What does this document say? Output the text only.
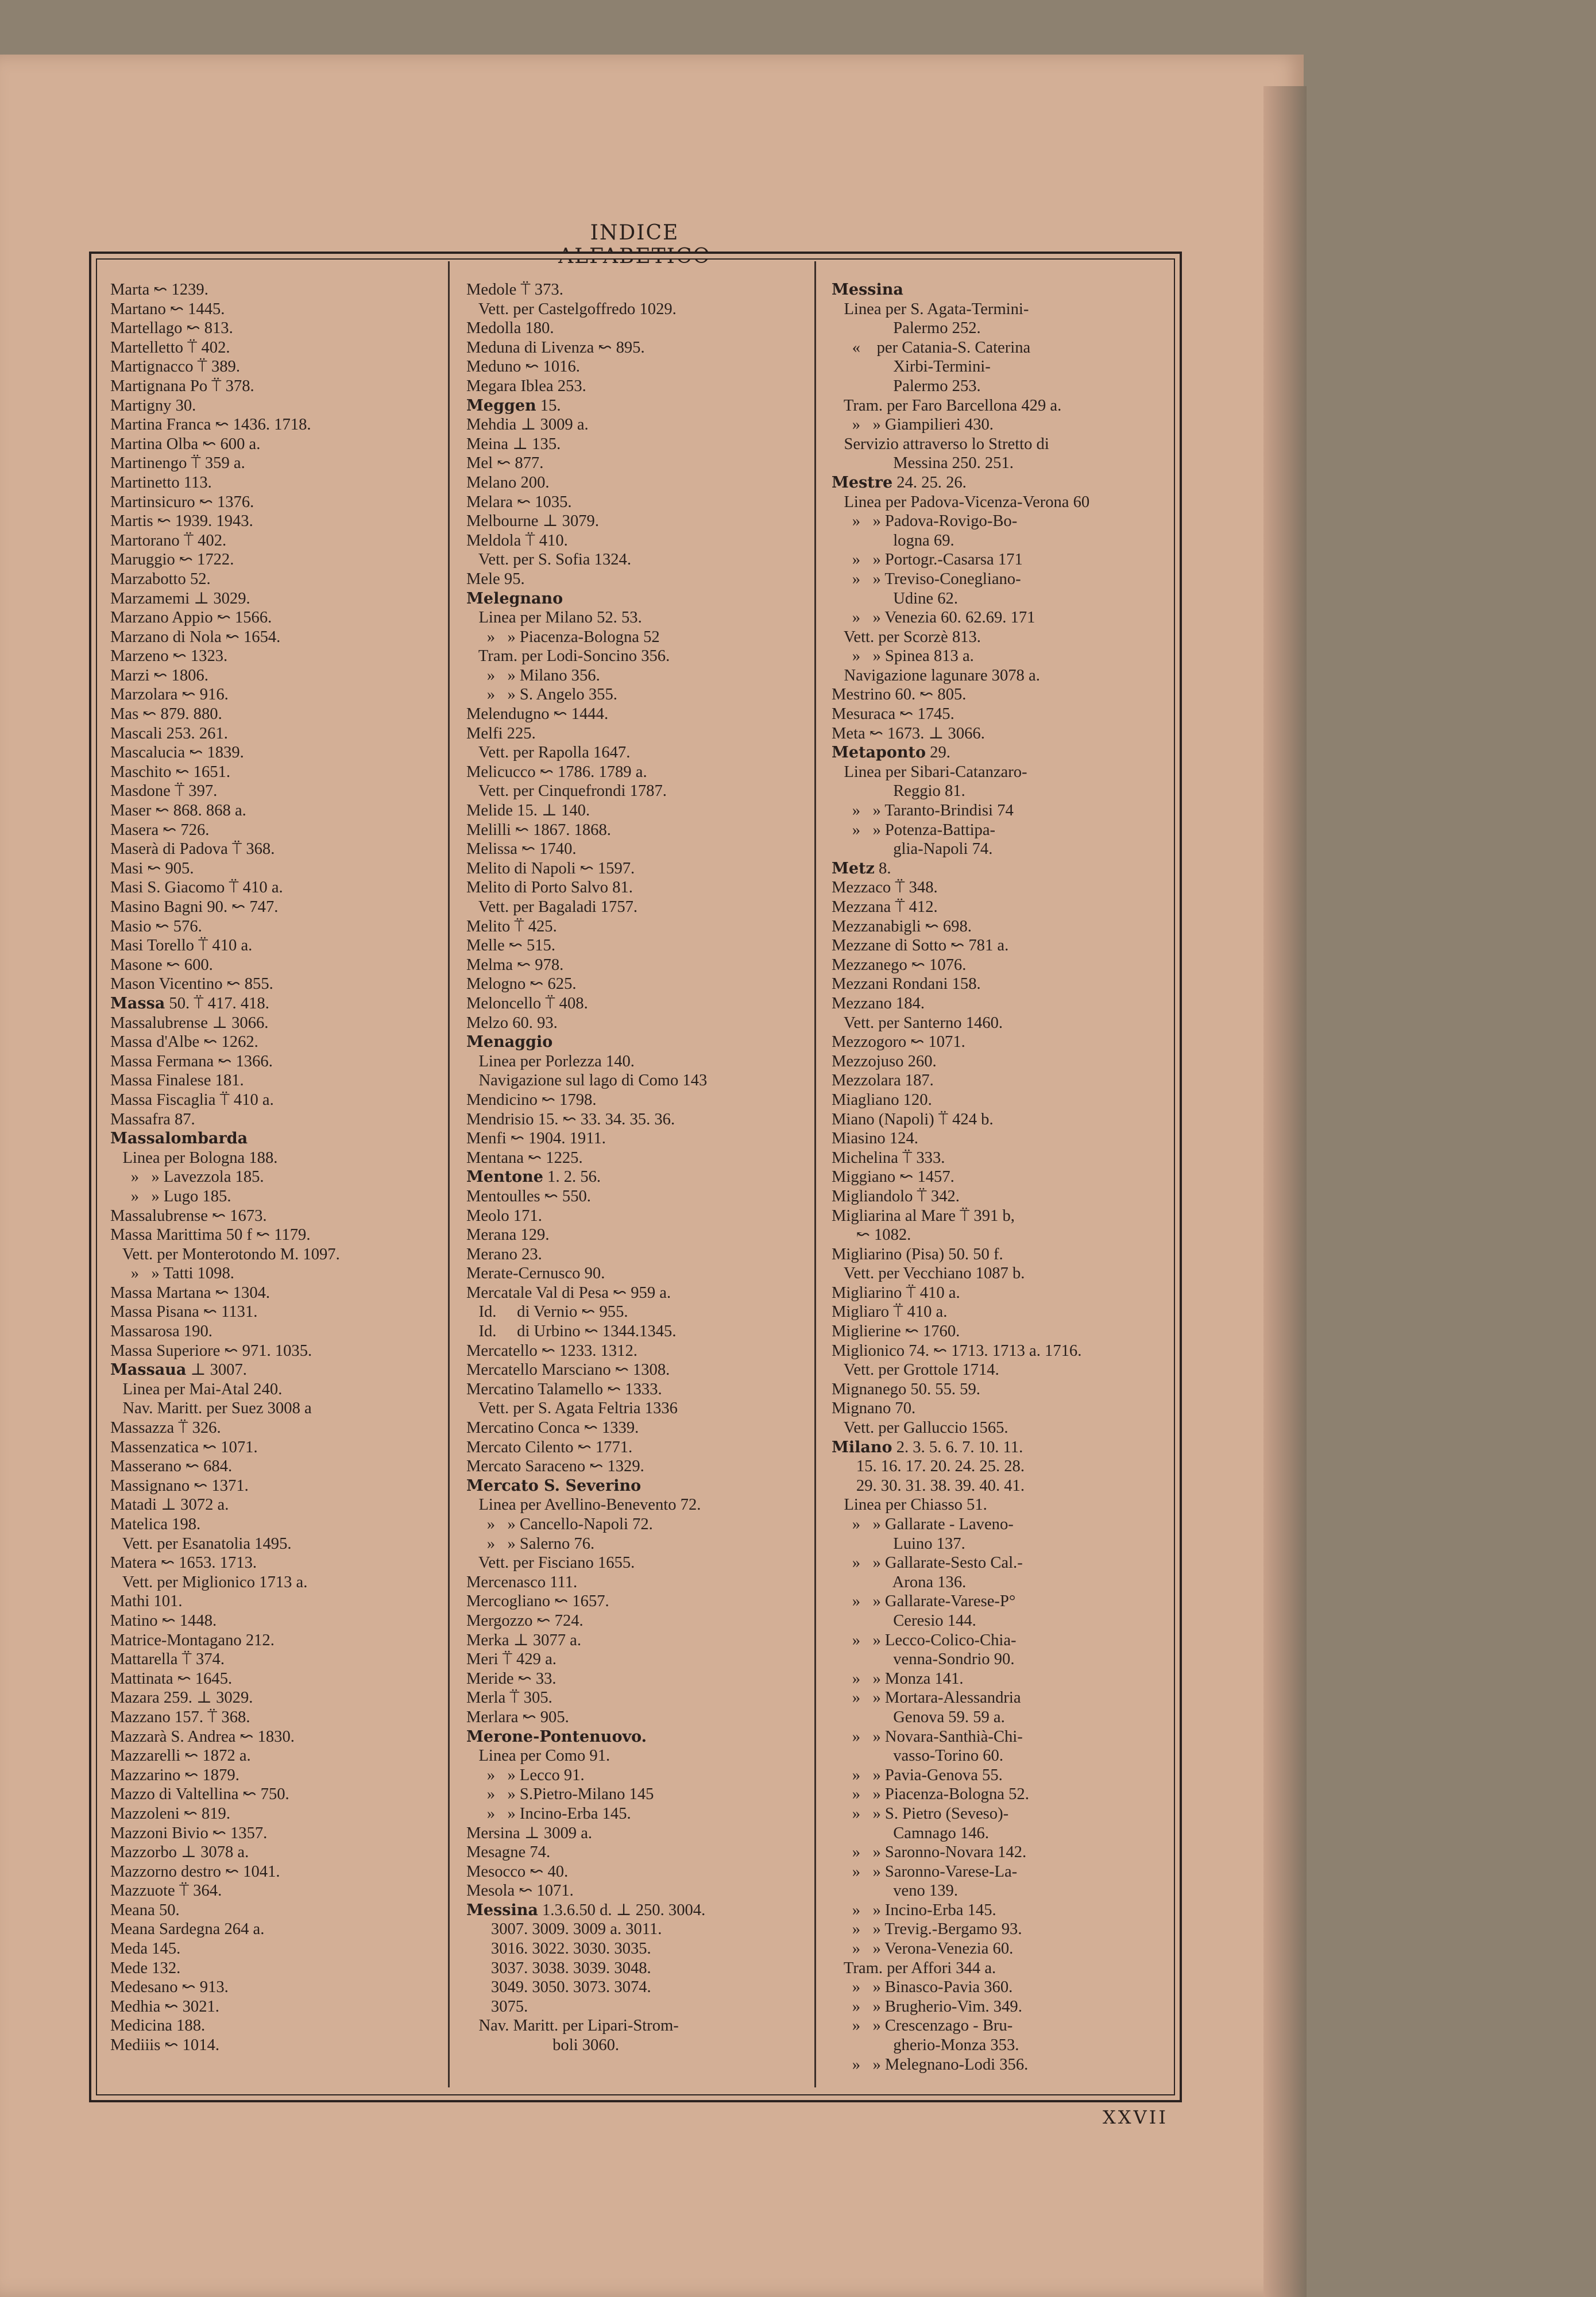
INDICE ALFABETICO
Marta ↜ 1239.
Martano ↜ 1445.
Martellago ↜ 813.
Martelletto ⍡ 402.
Martignacco ⍡ 389.
Martignana Po ⍡ 378.
Martigny 30.
Martina Franca ↜ 1436. 1718.
Martina Olba ↜ 600 a.
Martinengo ⍡ 359 a.
Martinetto 113.
Martinsicuro ↜ 1376.
Martis ↜ 1939. 1943.
Martorano ⍡ 402.
Maruggio ↜ 1722.
Marzabotto 52.
Marzamemi ⊥ 3029.
Marzano Appio ↜ 1566.
Marzano di Nola ↜ 1654.
Marzeno ↜ 1323.
Marzi ↜ 1806.
Marzolara ↜ 916.
Mas ↜ 879. 880.
Mascali 253. 261.
Mascalucia ↜ 1839.
Maschito ↜ 1651.
Masdone ⍡ 397.
Maser ↜ 868. 868 a.
Masera ↜ 726.
Maserà di Padova ⍡ 368.
Masi ↜ 905.
Masi S. Giacomo ⍡ 410 a.
Masino Bagni 90. ↜ 747.
Masio ↜ 576.
Masi Torello ⍡ 410 a.
Masone ↜ 600.
Mason Vicentino ↜ 855.
Massa 50. ⍡ 417. 418.
Massalubrense ⊥ 3066.
Massa d'Albe ↜ 1262.
Massa Fermana ↜ 1366.
Massa Finalese 181.
Massa Fiscaglia ⍡ 410 a.
Massafra 87.
Massalombarda
Linea per Bologna 188.
»   » Lavezzola 185.
»   » Lugo 185.
Massalubrense ↜ 1673.
Massa Marittima 50 f ↜ 1179.
Vett. per Monterotondo M. 1097.
»   » Tatti 1098.
Massa Martana ↜ 1304.
Massa Pisana ↜ 1131.
Massarosa 190.
Massa Superiore ↜ 971. 1035.
Massaua ⊥ 3007.
Linea per Mai-Atal 240.
Nav. Maritt. per Suez 3008 a
Massazza ⍡ 326.
Massenzatica ↜ 1071.
Masserano ↜ 684.
Massignano ↜ 1371.
Matadi ⊥ 3072 a.
Matelica 198.
Vett. per Esanatolia 1495.
Matera ↜ 1653. 1713.
Vett. per Miglionico 1713 a.
Mathi 101.
Matino ↜ 1448.
Matrice-Montagano 212.
Mattarella ⍡ 374.
Mattinata ↜ 1645.
Mazara 259. ⊥ 3029.
Mazzano 157. ⍡ 368.
Mazzarà S. Andrea ↜ 1830.
Mazzarelli ↜ 1872 a.
Mazzarino ↜ 1879.
Mazzo di Valtellina ↜ 750.
Mazzoleni ↜ 819.
Mazzoni Bivio ↜ 1357.
Mazzorbo ⊥ 3078 a.
Mazzorno destro ↜ 1041.
Mazzuote ⍡ 364.
Meana 50.
Meana Sardegna 264 a.
Meda 145.
Mede 132.
Medesano ↜ 913.
Medhia ↜ 3021.
Medicina 188.
Mediiis ↜ 1014.
Medole ⍡ 373.
Vett. per Castelgoffredo 1029.
Medolla 180.
Meduna di Livenza ↜ 895.
Meduno ↜ 1016.
Megara Iblea 253.
Meggen 15.
Mehdia ⊥ 3009 a.
Meina ⊥ 135.
Mel ↜ 877.
Melano 200.
Melara ↜ 1035.
Melbourne ⊥ 3079.
Meldola ⍡ 410.
Vett. per S. Sofia 1324.
Mele 95.
Melegnano
Linea per Milano 52. 53.
»   » Piacenza-Bologna 52
Tram. per Lodi-Soncino 356.
»   » Milano 356.
»   » S. Angelo 355.
Melendugno ↜ 1444.
Melfi 225.
Vett. per Rapolla 1647.
Melicucco ↜ 1786. 1789 a.
Vett. per Cinquefrondi 1787.
Melide 15. ⊥ 140.
Melilli ↜ 1867. 1868.
Melissa ↜ 1740.
Melito di Napoli ↜ 1597.
Melito di Porto Salvo 81.
Vett. per Bagaladi 1757.
Melito ⍡ 425.
Melle ↜ 515.
Melma ↜ 978.
Melogno ↜ 625.
Meloncello ⍡ 408.
Melzo 60. 93.
Menaggio
Linea per Porlezza 140.
Navigazione sul lago di Como 143
Mendicino ↜ 1798.
Mendrisio 15. ↜ 33. 34. 35. 36.
Menfi ↜ 1904. 1911.
Mentana ↜ 1225.
Mentone 1. 2. 56.
Mentoulles ↜ 550.
Meolo 171.
Merana 129.
Merano 23.
Merate-Cernusco 90.
Mercatale Val di Pesa ↜ 959 a.
Id.     di Vernio ↜ 955.
Id.     di Urbino ↜ 1344.1345.
Mercatello ↜ 1233. 1312.
Mercatello Marsciano ↜ 1308.
Mercatino Talamello ↜ 1333.
Vett. per S. Agata Feltria 1336
Mercatino Conca ↜ 1339.
Mercato Cilento ↜ 1771.
Mercato Saraceno ↜ 1329.
Mercato S. Severino
Linea per Avellino-Benevento 72.
»   » Cancello-Napoli 72.
»   » Salerno 76.
Vett. per Fisciano 1655.
Mercenasco 111.
Mercogliano ↜ 1657.
Mergozzo ↜ 724.
Merka ⊥ 3077 a.
Meri ⍡ 429 a.
Meride ↜ 33.
Merla ⍡ 305.
Merlara ↜ 905.
Merone-Pontenuovo.
Linea per Como 91.
»   » Lecco 91.
»   » S.Pietro-Milano 145
»   » Incino-Erba 145.
Mersina ⊥ 3009 a.
Mesagne 74.
Mesocco ↜ 40.
Mesola ↜ 1071.
Messina 1.3.6.50 d. ⊥ 250. 3004.
3007. 3009. 3009 a. 3011.
3016. 3022. 3030. 3035.
3037. 3038. 3039. 3048.
3049. 3050. 3073. 3074.
3075.
Nav. Maritt. per Lipari-Strom-
boli 3060.
Messina
Linea per S. Agata-Termini-
Palermo 252.
«    per Catania-S. Caterina
Xirbi-Termini-
Palermo 253.
Tram. per Faro Barcellona 429 a.
»   » Giampilieri 430.
Servizio attraverso lo Stretto di
Messina 250. 251.
Mestre 24. 25. 26.
Linea per Padova-Vicenza-Verona 60
»   » Padova-Rovigo-Bo-
logna 69.
»   » Portogr.-Casarsa 171
»   » Treviso-Conegliano-
Udine 62.
»   » Venezia 60. 62.69. 171
Vett. per Scorzè 813.
»   » Spinea 813 a.
Navigazione lagunare 3078 a.
Mestrino 60. ↜ 805.
Mesuraca ↜ 1745.
Meta ↜ 1673. ⊥ 3066.
Metaponto 29.
Linea per Sibari-Catanzaro-
Reggio 81.
»   » Taranto-Brindisi 74
»   » Potenza-Battipa-
glia-Napoli 74.
Metz 8.
Mezzaco ⍡ 348.
Mezzana ⍡ 412.
Mezzanabigli ↜ 698.
Mezzane di Sotto ↜ 781 a.
Mezzanego ↜ 1076.
Mezzani Rondani 158.
Mezzano 184.
Vett. per Santerno 1460.
Mezzogoro ↜ 1071.
Mezzojuso 260.
Mezzolara 187.
Miagliano 120.
Miano (Napoli) ⍡ 424 b.
Miasino 124.
Michelina ⍡ 333.
Miggiano ↜ 1457.
Migliandolo ⍡ 342.
Migliarina al Mare ⍡ 391 b,
↜ 1082.
Migliarino (Pisa) 50. 50 f.
Vett. per Vecchiano 1087 b.
Migliarino ⍡ 410 a.
Migliaro ⍡ 410 a.
Miglierine ↜ 1760.
Miglionico 74. ↜ 1713. 1713 a. 1716.
Vett. per Grottole 1714.
Mignanego 50. 55. 59.
Mignano 70.
Vett. per Galluccio 1565.
Milano 2. 3. 5. 6. 7. 10. 11.
15. 16. 17. 20. 24. 25. 28.
29. 30. 31. 38. 39. 40. 41.
Linea per Chiasso 51.
»   » Gallarate - Laveno-
Luino 137.
»   » Gallarate-Sesto Cal.-
Arona 136.
»   » Gallarate-Varese-P°
Ceresio 144.
»   » Lecco-Colico-Chia-
venna-Sondrio 90.
»   » Monza 141.
»   » Mortara-Alessandria
Genova 59. 59 a.
»   » Novara-Santhià-Chi-
vasso-Torino 60.
»   » Pavia-Genova 55.
»   » Piacenza-Bologna 52.
»   » S. Pietro (Seveso)-
Camnago 146.
»   » Saronno-Novara 142.
»   » Saronno-Varese-La-
veno 139.
»   » Incino-Erba 145.
»   » Trevig.-Bergamo 93.
»   » Verona-Venezia 60.
Tram. per Affori 344 a.
»   » Binasco-Pavia 360.
»   » Brugherio-Vim. 349.
»   » Crescenzago - Bru-
gherio-Monza 353.
»   » Melegnano-Lodi 356.
XXVII
